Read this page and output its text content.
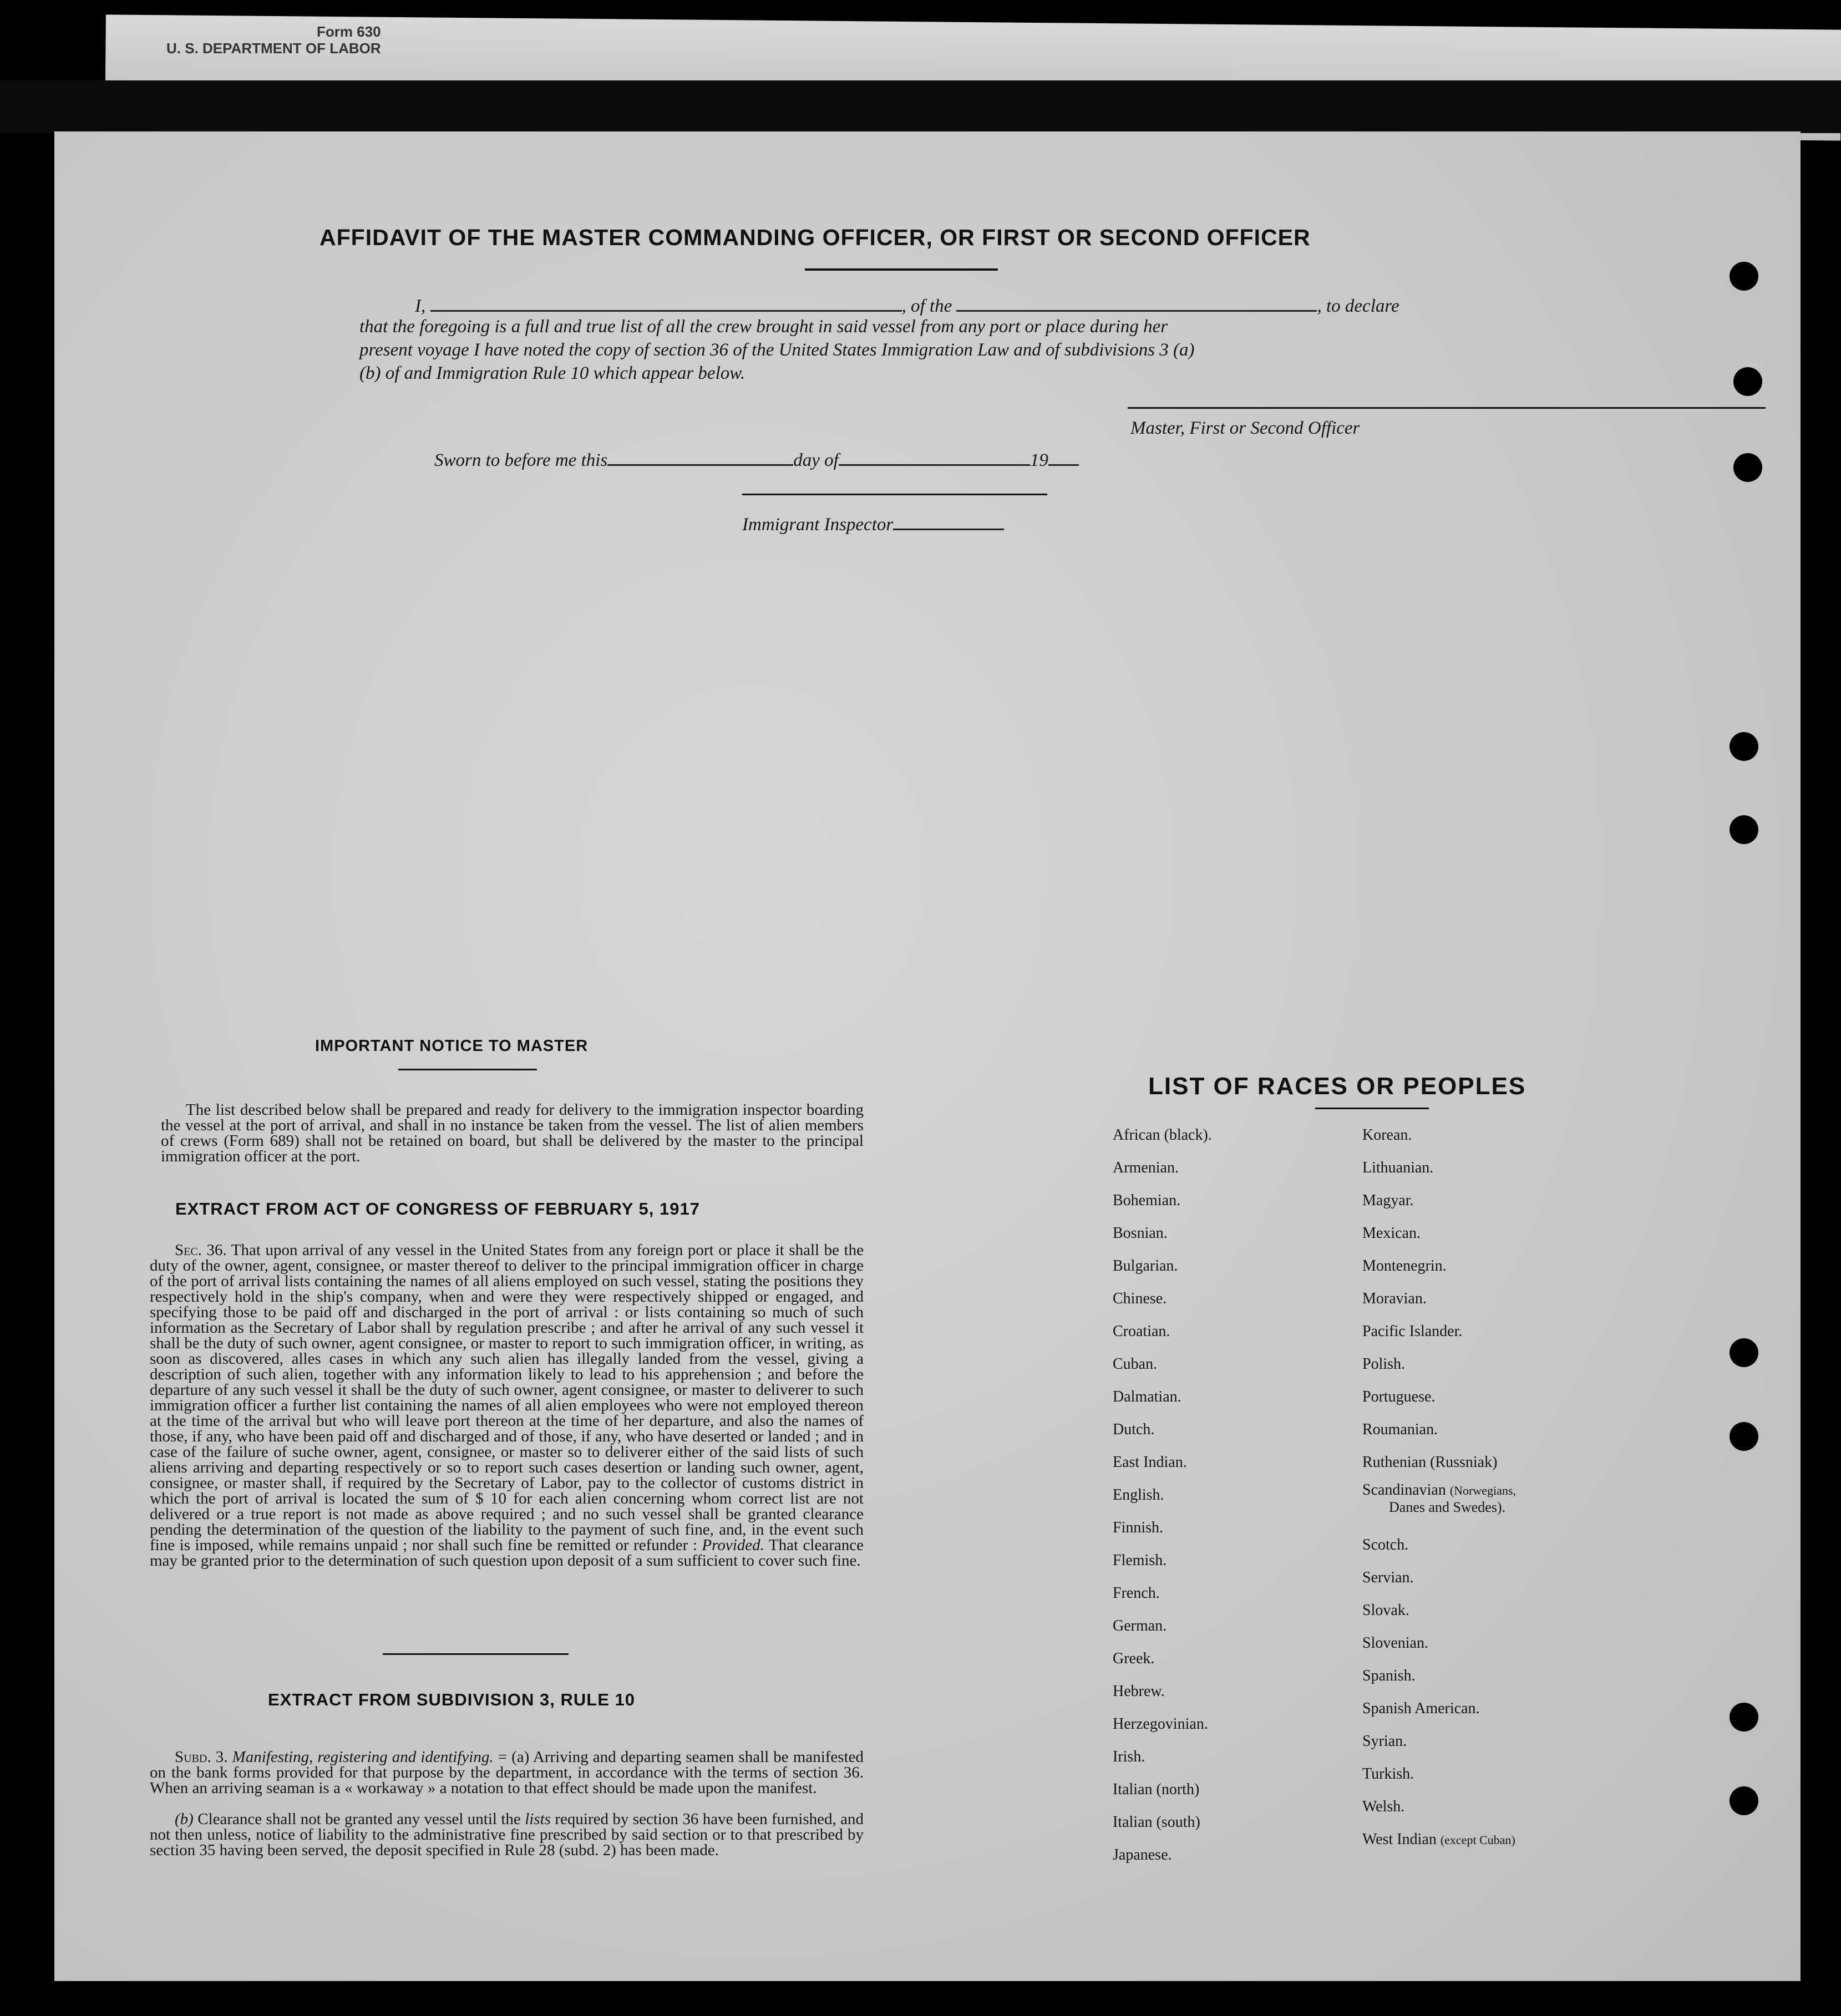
Form 630
U. S. DEPARTMENT OF LABOR
AFFIDAVIT OF THE MASTER COMMANDING OFFICER, OR FIRST OR SECOND OFFICER
I,	, of the	, to declare
that the foregoing is a full and true list of all the crew brought in said vessel from any port or place during her
present voyage I have noted the copy of section 36 of the United States Immigration Law and of subdivisions 3 (a)
(b) of and Immigration Rule 10 which appear below.
Master, First or Second Officer
Sworn to before me this	day of	19
Immigrant Inspector
IMPORTANT NOTICE TO MASTER
The list described below shall be prepared and ready for delivery to the immigration inspector boarding the vessel at the port of arrival, and shall in no instance be taken from the vessel. The list of alien members of crews (Form 689) shall not be retained on board, but shall be delivered by the master to the principal immigration officer at the port.
EXTRACT FROM ACT OF CONGRESS OF FEBRUARY 5, 1917
Sec. 36. That upon arrival of any vessel in the United States from any foreign port or place it shall be the duty of the owner, agent, consignee, or master thereof to deliver to the principal immigration officer in charge of the port of arrival lists containing the names of all aliens employed on such vessel, stating the positions they respectively hold in the ship's company, when and were they were respectively shipped or engaged, and specifying those to be paid off and discharged in the port of arrival : or lists containing so much of such information as the Secretary of Labor shall by regulation prescribe ; and after he arrival of any such vessel it shall be the duty of such owner, agent consignee, or master to report to such immigration officer, in writing, as soon as discovered, alles cases in which any such alien has illegally landed from the vessel, giving a description of such alien, together with any information likely to lead to his apprehension ; and before the departure of any such vessel it shall be the duty of such owner, agent consignee, or master to deliverer to such immigration officer a further list containing the names of all alien employees who were not employed thereon at the time of the arrival but who will leave port thereon at the time of her departure, and also the names of those, if any, who have been paid off and discharged and of those, if any, who have deserted or landed ; and in case of the failure of suche owner, agent, consignee, or master so to deliverer either of the said lists of such aliens arriving and departing respectively or so to report such cases desertion or landing such owner, agent, consignee, or master shall, if required by the Secretary of Labor, pay to the collector of customs district in which the port of arrival is located the sum of $ 10 for each alien concerning whom correct list are not delivered or a true report is not made as above required ; and no such vessel shall be granted clearance pending the determination of the question of the liability to the payment of such fine, and, in the event such fine is imposed, while remains unpaid ; nor shall such fine be remitted or refunder : Provided. That clearance may be granted prior to the determination of such question upon deposit of a sum sufficient to cover such fine.
EXTRACT FROM SUBDIVISION 3, RULE 10
Subd. 3. Manifesting, registering and identifying. = (a) Arriving and departing seamen shall be manifested on the bank forms provided for that purpose by the department, in accordance with the terms of section 36. When an arriving seaman is a « workaway » a notation to that effect should be made upon the manifest.
(b) Clearance shall not be granted any vessel until the lists required by section 36 have been furnished, and not then unless, notice of liability to the administrative fine prescribed by said section or to that prescribed by section 35 having been served, the deposit specified in Rule 28 (subd. 2) has been made.
LIST OF RACES OR PEOPLES
African (black).
Armenian.
Bohemian.
Bosnian.
Bulgarian.
Chinese.
Croatian.
Cuban.
Dalmatian.
Dutch.
East Indian.
English.
Finnish.
Flemish.
French.
German.
Greek.
Hebrew.
Herzegovinian.
Irish.
Italian (north)
Italian (south)
Japanese.
Korean.
Lithuanian.
Magyar.
Mexican.
Montenegrin.
Moravian.
Pacific Islander.
Polish.
Portuguese.
Roumanian.
Ruthenian (Russniak)
Scandinavian (Norwegians,
Danes and Swedes).
Scotch.
Servian.
Slovak.
Slovenian.
Spanish.
Spanish American.
Syrian.
Turkish.
Welsh.
West Indian (except Cuban)
